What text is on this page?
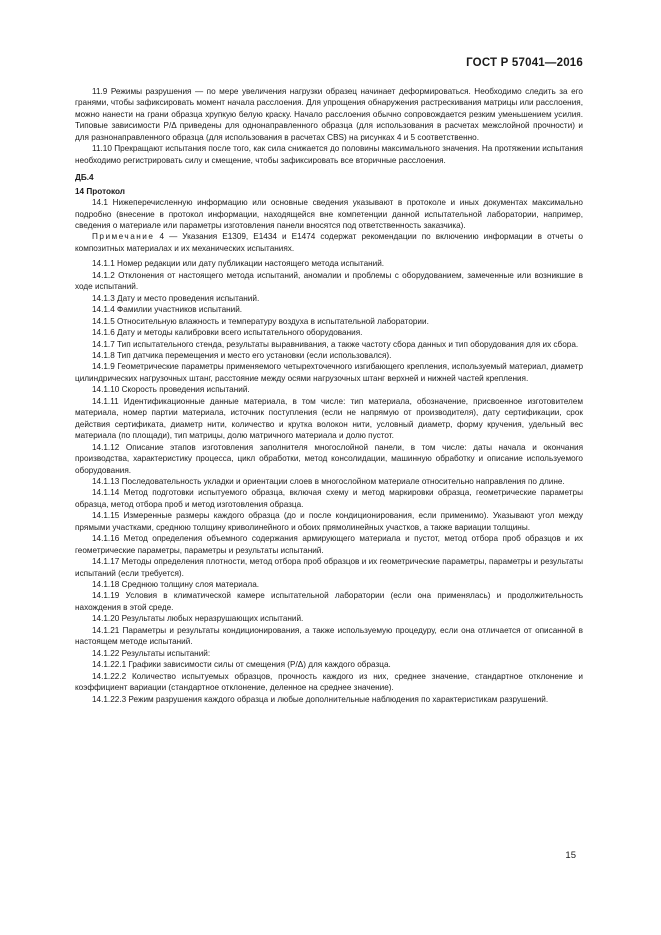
ГОСТ Р 57041—2016

11.9 Режимы разрушения — по мере увеличения нагрузки образец начинает деформироваться. Необходимо следить за его гранями, чтобы зафиксировать момент начала расслоения. Для упрощения обнаружения растрескивания матрицы или расслоения, можно нанести на грани образца хрупкую белую краску. Начало расслоения обычно сопровождается резким уменьшением усилия. Типовые зависимости P/Δ приведены для однонаправленного образца (для использования в расчетах межслойной прочности) и для разнонаправленного образца (для использования в расчетах CBS) на рисунках 4 и 5 соответственно.

11.10 Прекращают испытания после того, как сила снижается до половины максимального значения. На протяжении испытания необходимо регистрировать силу и смещение, чтобы зафиксировать все вторичные расслоения.

ДБ.4

14 Протокол

14.1 Нижеперечисленную информацию или основные сведения указывают в протоколе и иных документах максимально подробно (внесение в протокол информации, находящейся вне компетенции данной испытательной лаборатории, например, сведения о материале или параметры изготовления панели вносятся под ответственность заказчика).

Примечание 4 — Указания E1309, E1434 и E1474 содержат рекомендации по включению информации в отчеты о композитных материалах и их механических испытаниях.

14.1.1 Номер редакции или дату публикации настоящего метода испытаний.

14.1.2 Отклонения от настоящего метода испытаний, аномалии и проблемы с оборудованием, замеченные или возникшие в ходе испытаний.

14.1.3 Дату и место проведения испытаний.

14.1.4 Фамилии участников испытаний.

14.1.5 Относительную влажность и температуру воздуха в испытательной лаборатории.

14.1.6 Дату и методы калибровки всего испытательного оборудования.

14.1.7 Тип испытательного стенда, результаты выравнивания, а также частоту сбора данных и тип оборудования для их сбора.

14.1.8 Тип датчика перемещения и место его установки (если использовался).

14.1.9 Геометрические параметры применяемого четырехточечного изгибающего крепления, используемый материал, диаметр цилиндрических нагрузочных штанг, расстояние между осями нагрузочных штанг верхней и нижней частей крепления.

14.1.10 Скорость проведения испытаний.

14.1.11 Идентификационные данные материала, в том числе: тип материала, обозначение, присвоенное изготовителем материала, номер партии материала, источник поступления (если не напрямую от производителя), дату сертификации, срок действия сертификата, диаметр нити, количество и крутка волокон нити, условный диаметр, форму кручения, удельный вес материала (по площади), тип матрицы, долю матричного материала и долю пустот.

14.1.12 Описание этапов изготовления заполнителя многослойной панели, в том числе: даты начала и окончания производства, характеристику процесса, цикл обработки, метод консолидации, машинную обработку и описание используемого оборудования.

14.1.13 Последовательность укладки и ориентации слоев в многослойном материале относительно направления по длине.

14.1.14 Метод подготовки испытуемого образца, включая схему и метод маркировки образца, геометрические параметры образца, метод отбора проб и метод изготовления образца.

14.1.15 Измеренные размеры каждого образца (до и после кондиционирования, если применимо). Указывают угол между прямыми участками, среднюю толщину криволинейного и обоих прямолинейных участков, а также вариации толщины.

14.1.16 Метод определения объемного содержания армирующего материала и пустот, метод отбора проб образцов и их геометрические параметры, параметры и результаты испытаний.

14.1.17 Методы определения плотности, метод отбора проб образцов и их геометрические параметры, параметры и результаты испытаний (если требуется).

14.1.18 Среднюю толщину слоя материала.

14.1.19 Условия в климатической камере испытательной лаборатории (если она применялась) и продолжительность нахождения в этой среде.

14.1.20 Результаты любых неразрушающих испытаний.

14.1.21 Параметры и результаты кондиционирования, а также используемую процедуру, если она отличается от описанной в настоящем методе испытаний.

14.1.22 Результаты испытаний:

14.1.22.1 Графики зависимости силы от смещения (P/Δ) для каждого образца.

14.1.22.2 Количество испытуемых образцов, прочность каждого из них, среднее значение, стандартное отклонение и коэффициент вариации (стандартное отклонение, деленное на среднее значение).

14.1.22.3 Режим разрушения каждого образца и любые дополнительные наблюдения по характеристикам разрушений.

15
